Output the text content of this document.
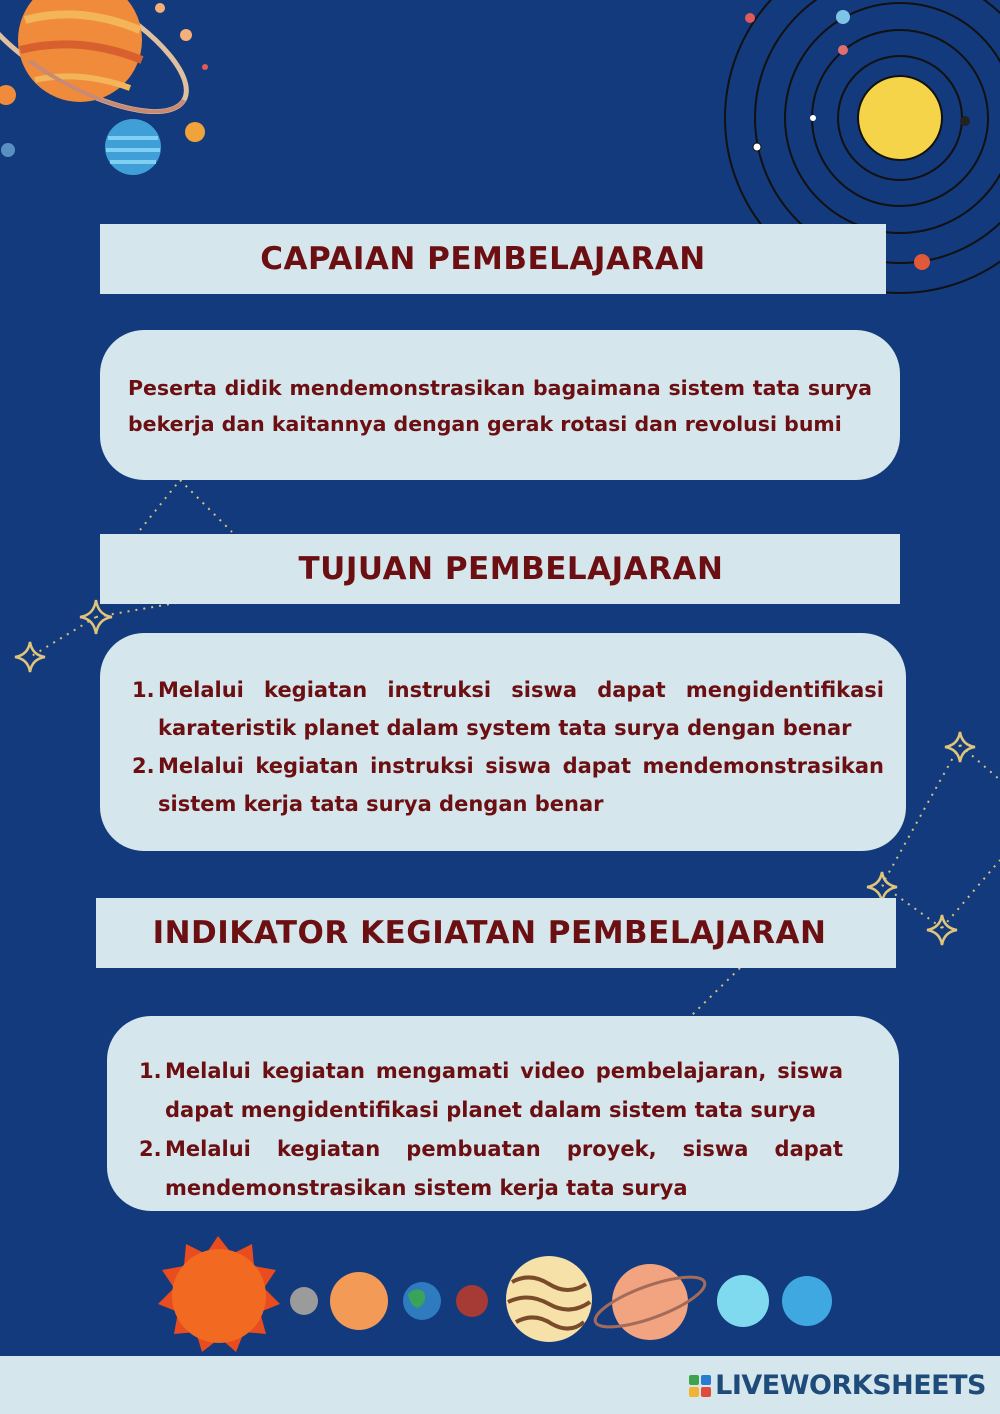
CAPAIAN PEMBELAJARAN

Peserta didik mendemonstrasikan bagaimana sistem tata surya bekerja dan kaitannya dengan gerak rotasi dan revolusi bumi

TUJUAN PEMBELAJARAN
1. Melalui kegiatan instruksi siswa dapat mengidentifikasi karateristik planet dalam system tata surya dengan benar
2. Melalui kegiatan instruksi siswa dapat mendemonstrasikan sistem kerja tata surya dengan benar
INDIKATOR KEGIATAN PEMBELAJARAN
1. Melalui kegiatan mengamati video pembelajaran, siswa dapat mengidentifikasi planet dalam sistem tata surya
2. Melalui kegiatan pembuatan proyek, siswa dapat mendemonstrasikan sistem kerja tata surya
LIVEWORKSHEETS
